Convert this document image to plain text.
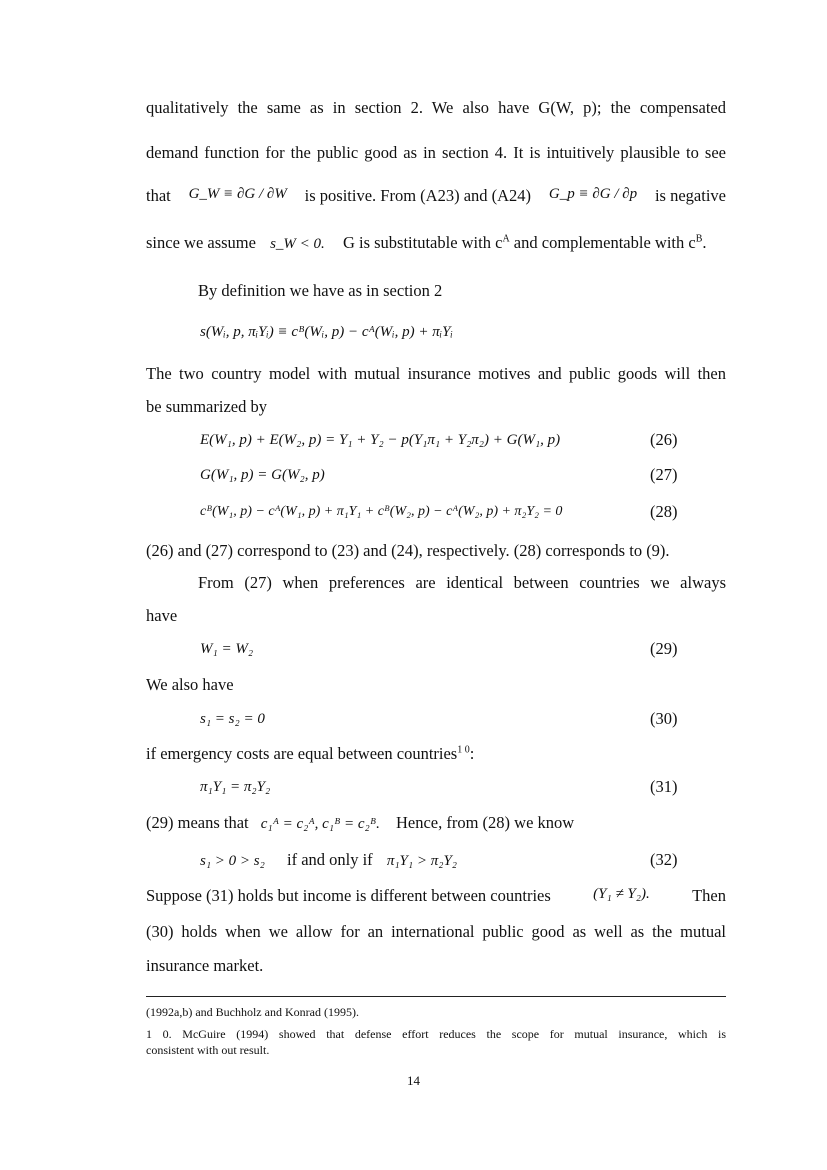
qualitatively the same as in section 2. We also have G(W, p); the compensated
demand function for the public good as in section 4. It is intuitively plausible to see
that G_W ≡ ∂G / ∂W is positive. From (A23) and (A24) G_p ≡ ∂G / ∂p is negative
since we assume s_W < 0. G is substitutable with $c^A$ and complementable with $c^B$.
By definition we have as in section 2
s(Wᵢ, p, πᵢYᵢ) ≡ cᴮ(Wᵢ, p) − cᴬ(Wᵢ, p) + πᵢYᵢ
The two country model with mutual insurance motives and public goods will then
be summarized by
E(W₁, p) + E(W₂, p) = Y₁ + Y₂ − p(Y₁π₁ + Y₂π₂) + G(W₁, p)	(26)
G(W₁, p) = G(W₂, p)	(27)
cᴮ(W₁, p) − cᴬ(W₁, p) + π₁Y₁ + cᴮ(W₂, p) − cᴬ(W₂, p) + π₂Y₂ = 0	(28)
(26) and (27) correspond to (23) and (24), respectively. (28) corresponds to (9).
From (27) when preferences are identical between countries we always
have
W₁ = W₂	(29)
We also have
s₁ = s₂ = 0	(30)
if emergency costs are equal between countries$^{1 0}$:
π₁Y₁ = π₂Y₂	(31)
(29) means that c₁ᴬ = c₂ᴬ, c₁ᴮ = c₂ᴮ. Hence, from (28) we know
s₁ > 0 > s₂ if and only if π₁Y₁ > π₂Y₂	(32)
Suppose (31) holds but income is different between countries	(Y₁ ≠ Y₂).	Then
(30) holds when we allow for an international public good as well as the mutual
insurance market.
(1992a,b) and Buchholz and Konrad (1995).
1 0. McGuire (1994) showed that defense effort reduces the scope for mutual insurance, which is
consistent with out result.
14
